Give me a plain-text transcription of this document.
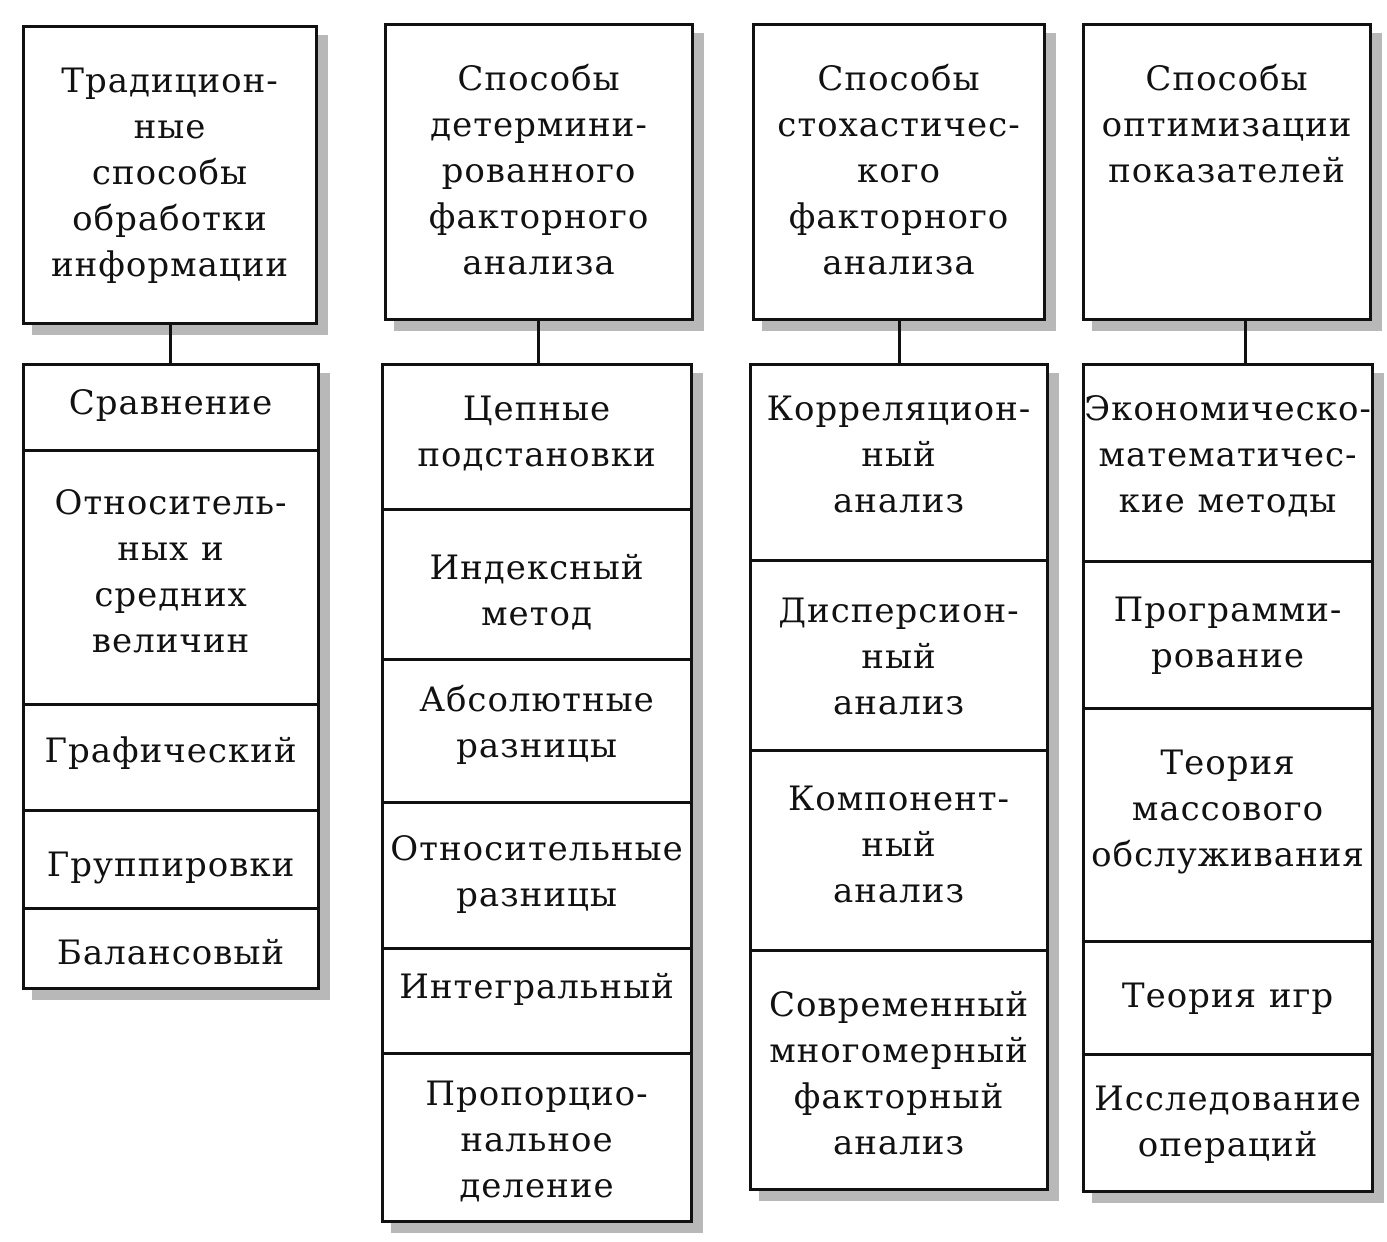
Традицион-
ные
способы
обработки
информации
Сравнение
Относитель-
ных и
средних
величин
Графический
Группировки
Балансовый
Способы
детермини-
рованного
факторного
анализа
Цепные
подстановки
Индексный
метод
Абсолютные
разницы
Относительные
разницы
Интегральный
Пропорцио-
нальное
деление
Способы
стохастичес-
кого
факторного
анализа
Корреляцион-
ный
анализ
Дисперсион-
ный
анализ
Компонент-
ный
анализ
Современный
многомерный
факторный
анализ
Способы
оптимизации
показателей
Экономическо-
математичес-
кие методы
Программи-
рование
Теория
массового
обслуживания
Теория игр
Исследование
операций
